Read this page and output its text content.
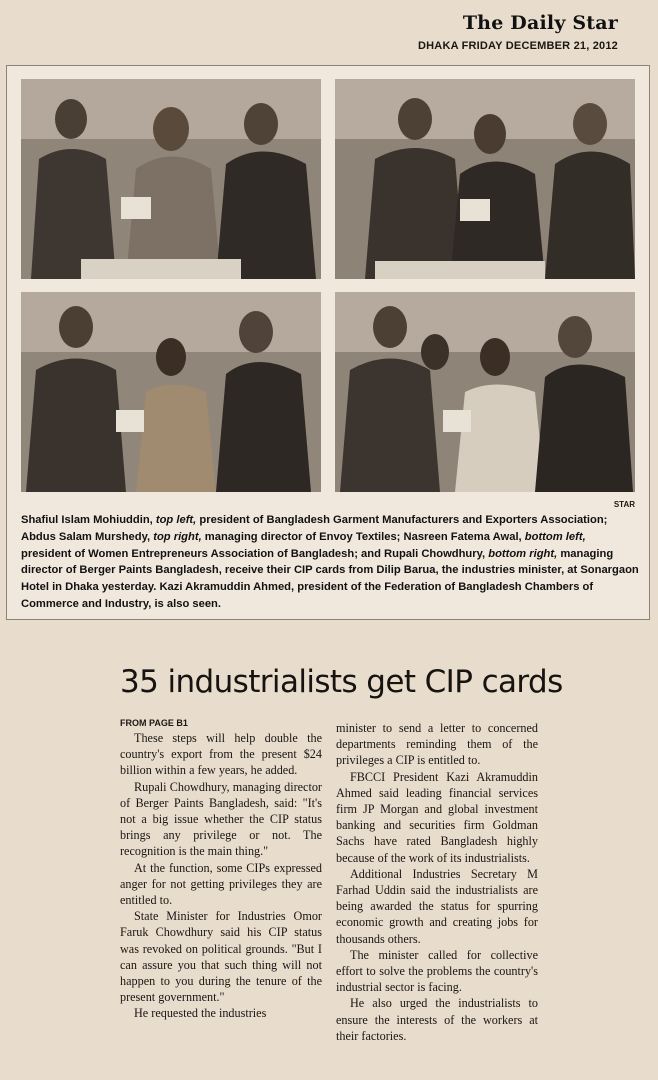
The Daily Star
DHAKA FRIDAY DECEMBER 21, 2012
STAR
Shafiul Islam Mohiuddin, top left, president of Bangladesh Garment Manufacturers and Exporters Association; Abdus Salam Murshedy, top right, managing director of Envoy Textiles; Nasreen Fatema Awal, bottom left, president of Women Entrepreneurs Association of Bangladesh; and Rupali Chowdhury, bottom right, managing director of Berger Paints Bangladesh, receive their CIP cards from Dilip Barua, the industries minister, at Sonargaon Hotel in Dhaka yesterday. Kazi Akramuddin Ahmed, president of the Federation of Bangladesh Chambers of Commerce and Industry, is also seen.
35 industrialists get CIP cards
FROM PAGE B1

These steps will help double the country's export from the present $24 billion within a few years, he added.

Rupali Chowdhury, managing director of Berger Paints Bangladesh, said: "It's not a big issue whether the CIP status brings any privilege or not. The recognition is the main thing."

At the function, some CIPs expressed anger for not getting privileges they are entitled to.

State Minister for Industries Omor Faruk Chowdhury said his CIP status was revoked on political grounds. "But I can assure you that such thing will not happen to you during the tenure of the present government."

He requested the industries

minister to send a letter to concerned departments reminding them of the privileges a CIP is entitled to.

FBCCI President Kazi Akramuddin Ahmed said leading financial services firm JP Morgan and global investment banking and securities firm Goldman Sachs have rated Bangladesh highly because of the work of its industrialists.

Additional Industries Secretary M Farhad Uddin said the industrialists are being awarded the status for spurring economic growth and creating jobs for thousands others.

The minister called for collective effort to solve the problems the country's industrial sector is facing.

He also urged the industrialists to ensure the interests of the workers at their factories.
